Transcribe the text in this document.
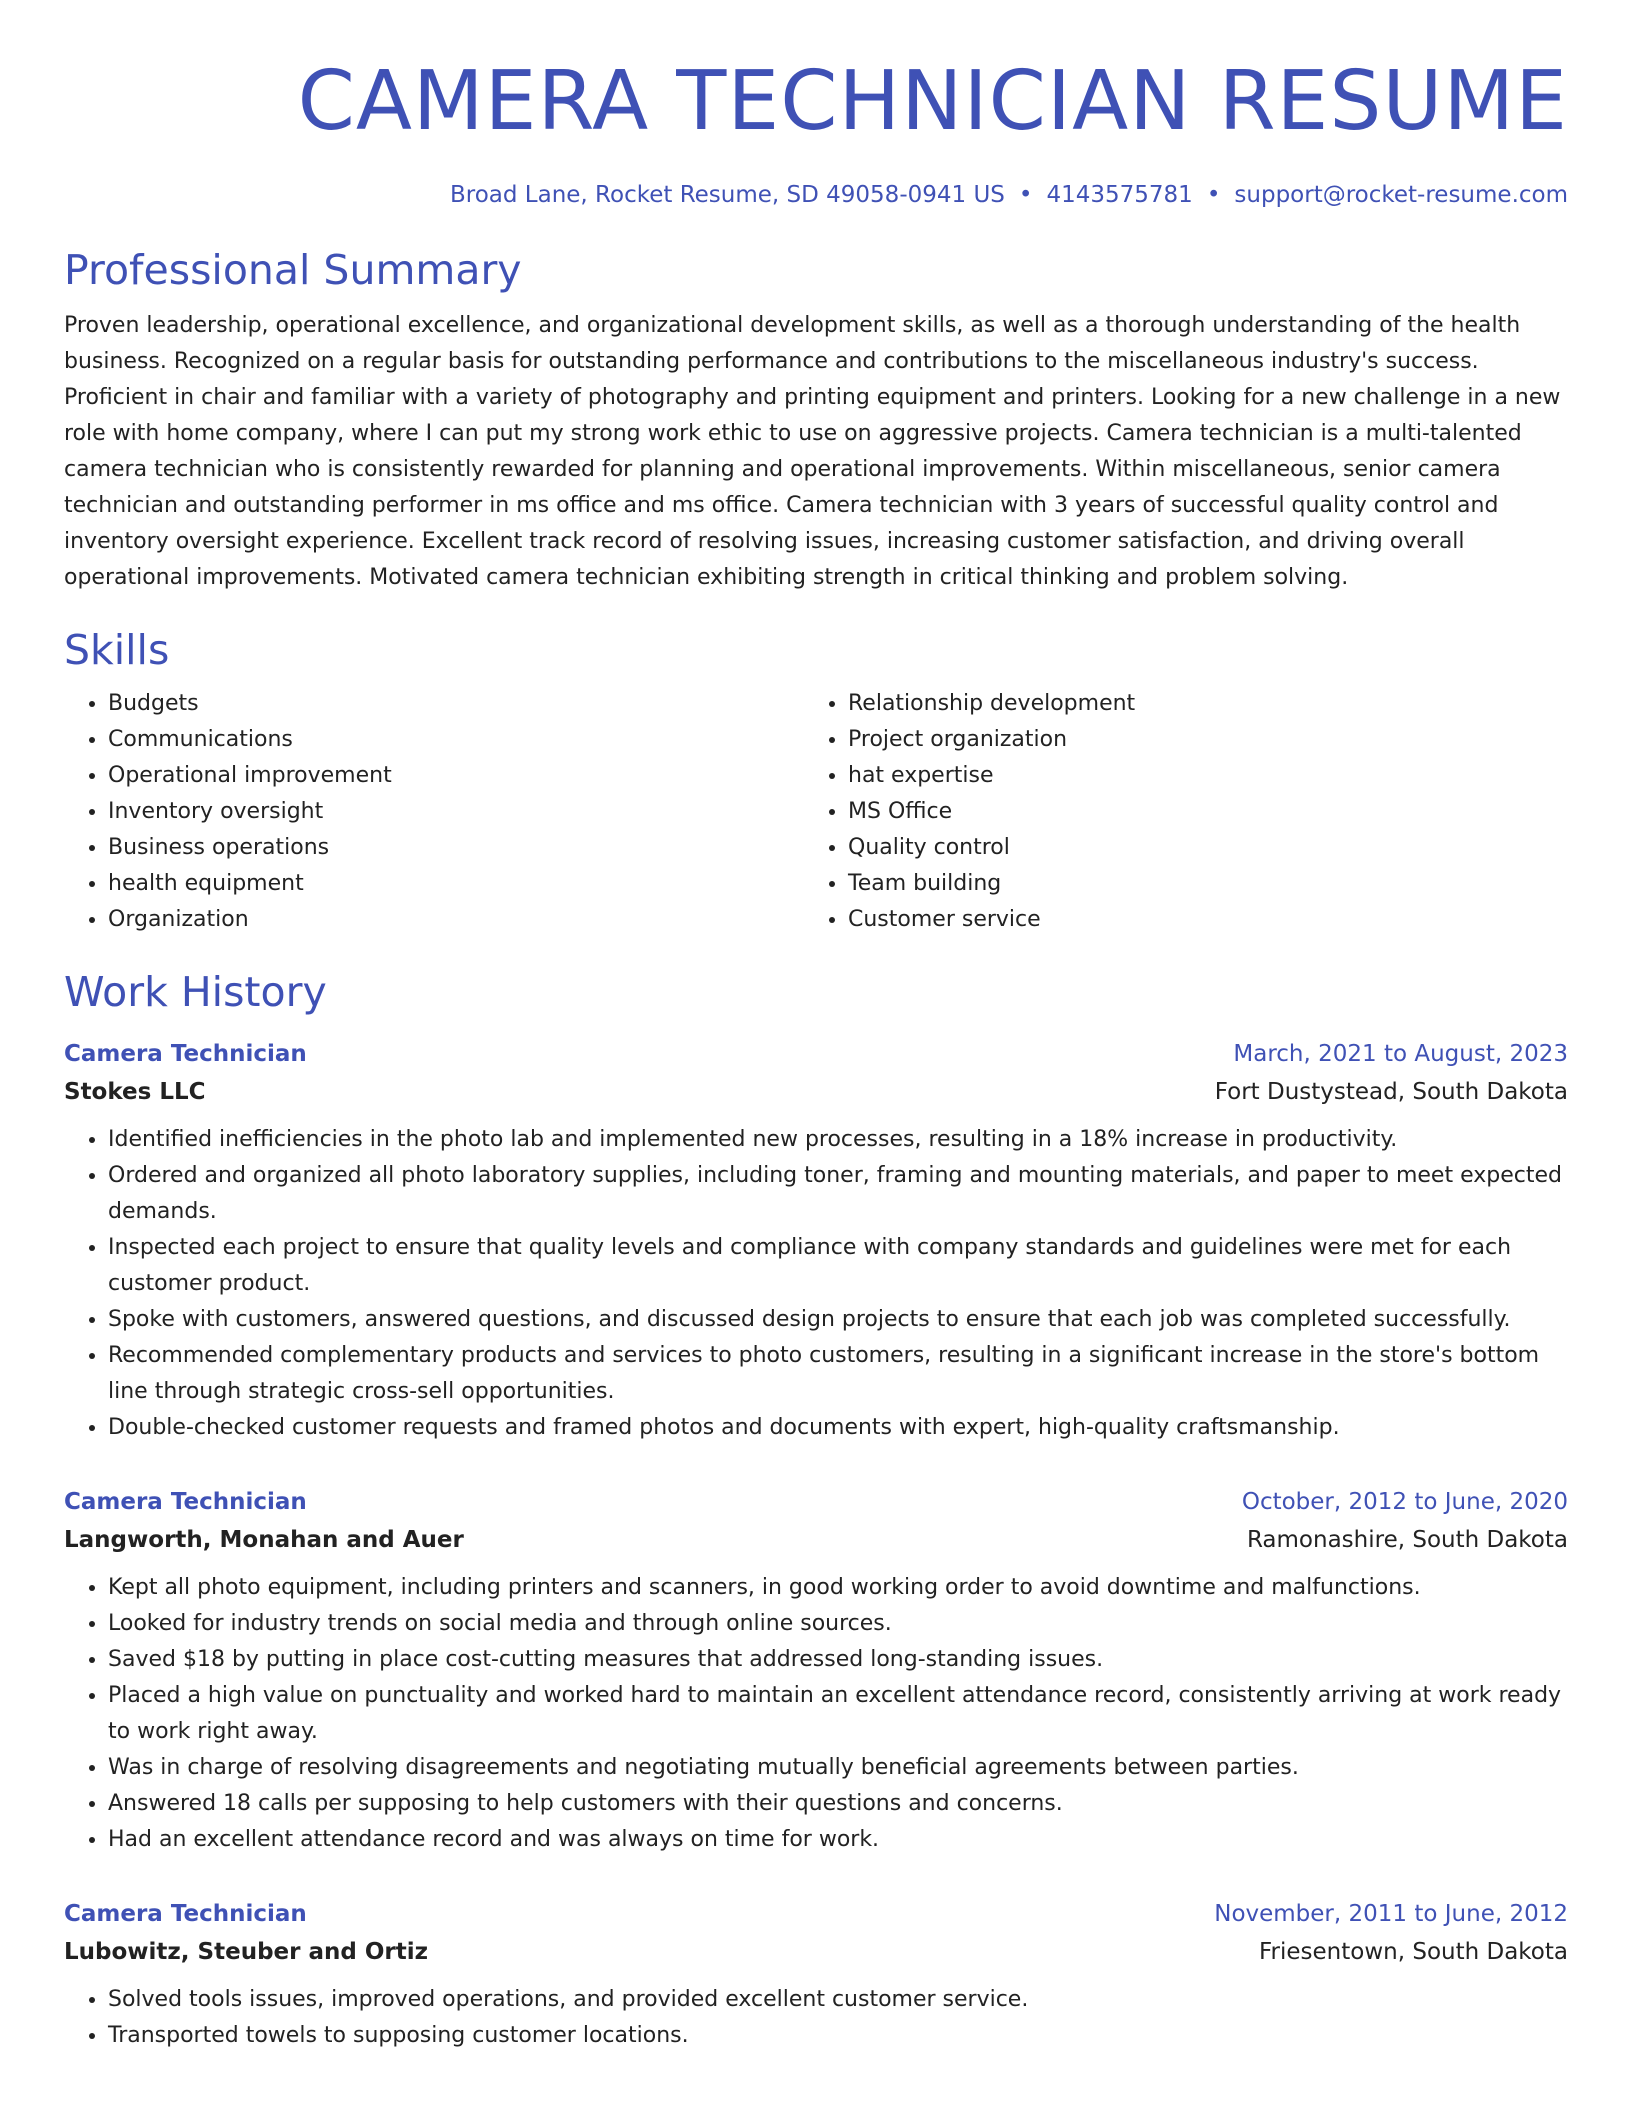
CAMERA TECHNICIAN RESUME
Broad Lane, Rocket Resume, SD 49058-0941 US • 4143575781 • support@rocket-resume.com
Professional Summary
Proven leadership, operational excellence, and organizational development skills, as well as a thorough understanding of the health business. Recognized on a regular basis for outstanding performance and contributions to the miscellaneous industry's success. Proficient in chair and familiar with a variety of photography and printing equipment and printers. Looking for a new challenge in a new role with home company, where I can put my strong work ethic to use on aggressive projects. Camera technician is a multi-talented camera technician who is consistently rewarded for planning and operational improvements. Within miscellaneous, senior camera technician and outstanding performer in ms office and ms office. Camera technician with 3 years of successful quality control and inventory oversight experience. Excellent track record of resolving issues, increasing customer satisfaction, and driving overall operational improvements. Motivated camera technician exhibiting strength in critical thinking and problem solving.
Skills
• Budgets
• Communications
• Operational improvement
• Inventory oversight
• Business operations
• health equipment
• Organization
• Relationship development
• Project organization
• hat expertise
• MS Office
• Quality control
• Team building
• Customer service
Work History
Camera Technician	March, 2021 to August, 2023
Stokes LLC	Fort Dustystead, South Dakota
• Identified inefficiencies in the photo lab and implemented new processes, resulting in a 18% increase in productivity.
• Ordered and organized all photo laboratory supplies, including toner, framing and mounting materials, and paper to meet expected demands.
• Inspected each project to ensure that quality levels and compliance with company standards and guidelines were met for each customer product.
• Spoke with customers, answered questions, and discussed design projects to ensure that each job was completed successfully.
• Recommended complementary products and services to photo customers, resulting in a significant increase in the store's bottom line through strategic cross-sell opportunities.
• Double-checked customer requests and framed photos and documents with expert, high-quality craftsmanship.
Camera Technician	October, 2012 to June, 2020
Langworth, Monahan and Auer	Ramonashire, South Dakota
• Kept all photo equipment, including printers and scanners, in good working order to avoid downtime and malfunctions.
• Looked for industry trends on social media and through online sources.
• Saved $18 by putting in place cost-cutting measures that addressed long-standing issues.
• Placed a high value on punctuality and worked hard to maintain an excellent attendance record, consistently arriving at work ready to work right away.
• Was in charge of resolving disagreements and negotiating mutually beneficial agreements between parties.
• Answered 18 calls per supposing to help customers with their questions and concerns.
• Had an excellent attendance record and was always on time for work.
Camera Technician	November, 2011 to June, 2012
Lubowitz, Steuber and Ortiz	Friesentown, South Dakota
• Solved tools issues, improved operations, and provided excellent customer service.
• Transported towels to supposing customer locations.
